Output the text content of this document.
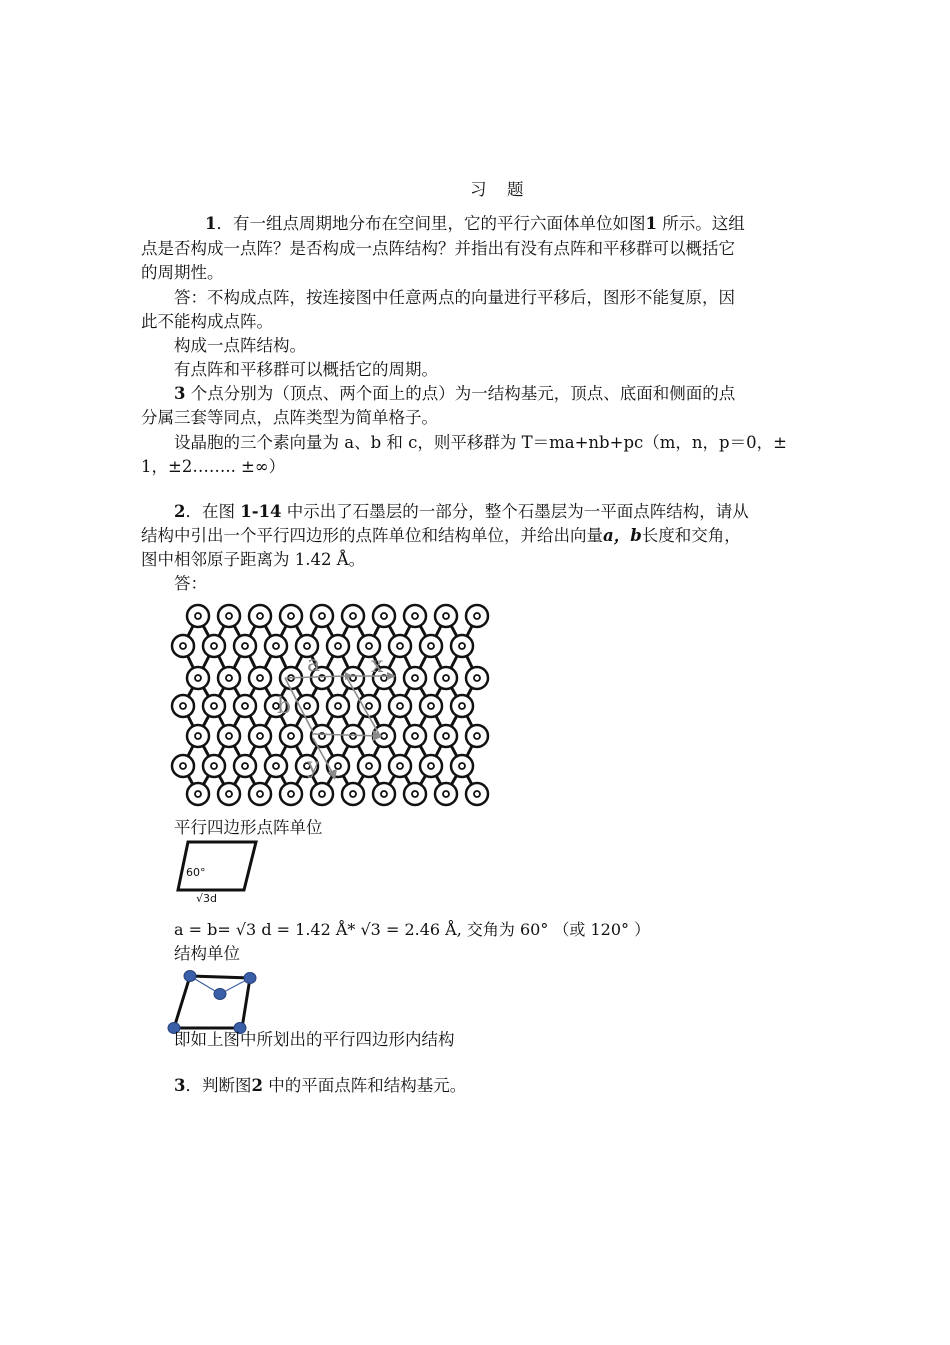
习　题
1．有一组点周期地分布在空间里，它的平行六面体单位如图1 所示。这组
点是否构成一点阵？是否构成一点阵结构？并指出有没有点阵和平移群可以概括它
的周期性。
答：不构成点阵，按连接图中任意两点的向量进行平移后，图形不能复原，因
此不能构成点阵。
构成一点阵结构。
有点阵和平移群可以概括它的周期。
3 个点分别为（顶点、两个面上的点）为一结构基元，顶点、底面和侧面的点
分属三套等同点，点阵类型为简单格子。
设晶胞的三个素向量为 a、b 和 c，则平移群为 T＝ma+nb+pc（m，n，p＝0，±
1，±2…….. ±∞）
2．在图 1-14 中示出了石墨层的一部分，整个石墨层为一平面点阵结构，请从
结构中引出一个平行四边形的点阵单位和结构单位，并给出向量a，b长度和交角，
图中相邻原子距离为 1.42 Å。
答：
a x
b
y
平行四边形点阵单位
60°
√3d
a = b= √3 d = 1.42 Å* √3 = 2.46 Å, 交角为 60° （或 120° ）
结构单位
即如上图中所划出的平行四边形内结构
3．判断图2 中的平面点阵和结构基元。
